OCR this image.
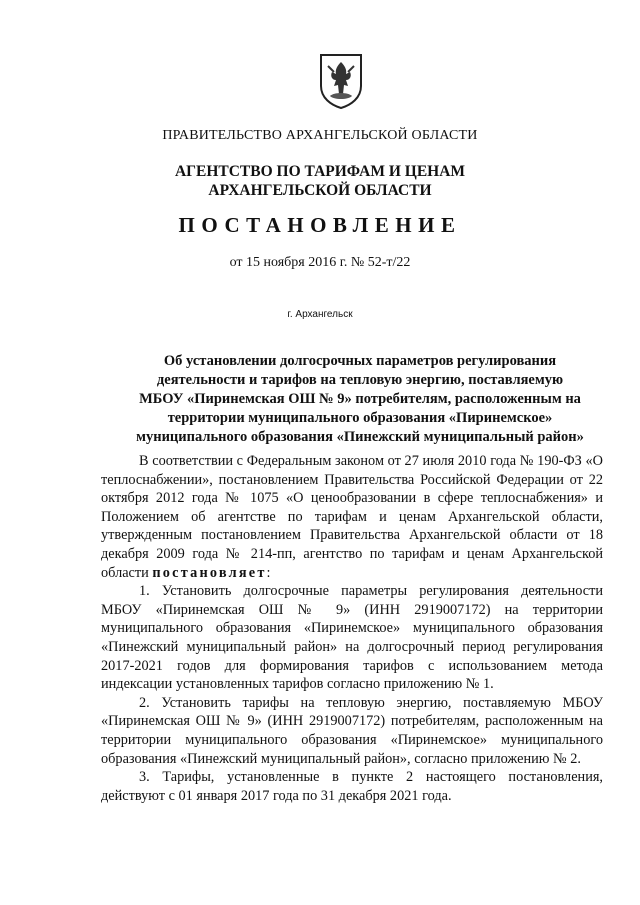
ПРАВИТЕЛЬСТВО АРХАНГЕЛЬСКОЙ ОБЛАСТИ
АГЕНТСТВО ПО ТАРИФАМ И ЦЕНАМ
АРХАНГЕЛЬСКОЙ ОБЛАСТИ
ПОСТАНОВЛЕНИЕ
от 15 ноября 2016 г. № 52-т/22
г. Архангельск
Об установлении долгосрочных параметров регулирования
деятельности и тарифов на тепловую энергию, поставляемую
МБОУ «Пиринемская ОШ № 9» потребителям, расположенным на
территории муниципального образования «Пиринемское»
муниципального образования «Пинежский муниципальный район»

В соответствии с Федеральным законом от 27 июля 2010 года № 190-ФЗ «О теплоснабжении», постановлением Правительства Российской Федерации от 22 октября 2012 года № 1075 «О ценообразовании в сфере теплоснабжения» и Положением об агентстве по тарифам и ценам Архангельской области, утвержденным постановлением Правительства Архангельской области от 18 декабря 2009 года № 214-пп, агентство по тарифам и ценам Архангельской области постановляет:

1. Установить долгосрочные параметры регулирования деятельности МБОУ «Пиринемская ОШ № 9» (ИНН 2919007172) на территории муниципального образования «Пиринемское» муниципального образования «Пинежский муниципальный район» на долгосрочный период регулирования 2017-2021 годов для формирования тарифов с использованием метода индексации установленных тарифов согласно приложению № 1.

2. Установить тарифы на тепловую энергию, поставляемую МБОУ «Пиринемская ОШ № 9» (ИНН 2919007172) потребителям, расположенным на территории муниципального образования «Пиринемское» муниципального образования «Пинежский муниципальный район», согласно приложению № 2.

3. Тарифы, установленные в пункте 2 настоящего постановления, действуют с 01 января 2017 года по 31 декабря 2021 года.
